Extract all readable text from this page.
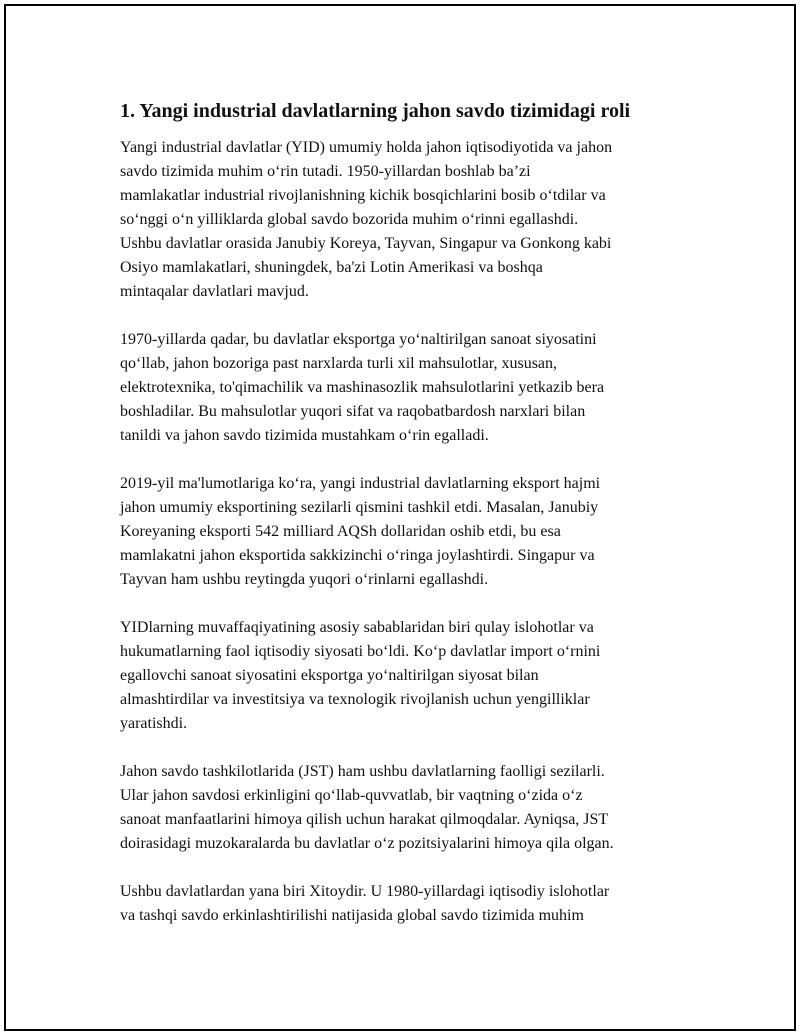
1. Yangi industrial davlatlarning jahon savdo tizimidagi roli

Yangi industrial davlatlar (YID) umumiy holda jahon iqtisodiyotida va jahon
savdo tizimida muhim o‘rin tutadi. 1950-yillardan boshlab ba’zi
mamlakatlar industrial rivojlanishning kichik bosqichlarini bosib o‘tdilar va
so‘nggi o‘n yilliklarda global savdo bozorida muhim o‘rinni egallashdi.
Ushbu davlatlar orasida Janubiy Koreya, Tayvan, Singapur va Gonkong kabi
Osiyo mamlakatlari, shuningdek, ba'zi Lotin Amerikasi va boshqa
mintaqalar davlatlari mavjud.

1970-yillarda qadar, bu davlatlar eksportga yo‘naltirilgan sanoat siyosatini
qo‘llab, jahon bozoriga past narxlarda turli xil mahsulotlar, xususan,
elektrotexnika, to'qimachilik va mashinasozlik mahsulotlarini yetkazib bera
boshladilar. Bu mahsulotlar yuqori sifat va raqobatbardosh narxlari bilan
tanildi va jahon savdo tizimida mustahkam o‘rin egalladi.

2019-yil ma'lumotlariga ko‘ra, yangi industrial davlatlarning eksport hajmi
jahon umumiy eksportining sezilarli qismini tashkil etdi. Masalan, Janubiy
Koreyaning eksporti 542 milliard AQSh dollaridan oshib etdi, bu esa
mamlakatni jahon eksportida sakkizinchi o‘ringa joylashtirdi. Singapur va
Tayvan ham ushbu reytingda yuqori o‘rinlarni egallashdi.

YIDlarning muvaffaqiyatining asosiy sabablaridan biri qulay islohotlar va
hukumatlarning faol iqtisodiy siyosati bo‘ldi. Ko‘p davlatlar import o‘rnini
egallovchi sanoat siyosatini eksportga yo‘naltirilgan siyosat bilan
almashtirdilar va investitsiya va texnologik rivojlanish uchun yengilliklar
yaratishdi.

Jahon savdo tashkilotlarida (JST) ham ushbu davlatlarning faolligi sezilarli.
Ular jahon savdosi erkinligini qo‘llab-quvvatlab, bir vaqtning o‘zida o‘z
sanoat manfaatlarini himoya qilish uchun harakat qilmoqdalar. Ayniqsa, JST
doirasidagi muzokaralarda bu davlatlar o‘z pozitsiyalarini himoya qila olgan.

Ushbu davlatlardan yana biri Xitoydir. U 1980-yillardagi iqtisodiy islohotlar
va tashqi savdo erkinlashtirilishi natijasida global savdo tizimida muhim
